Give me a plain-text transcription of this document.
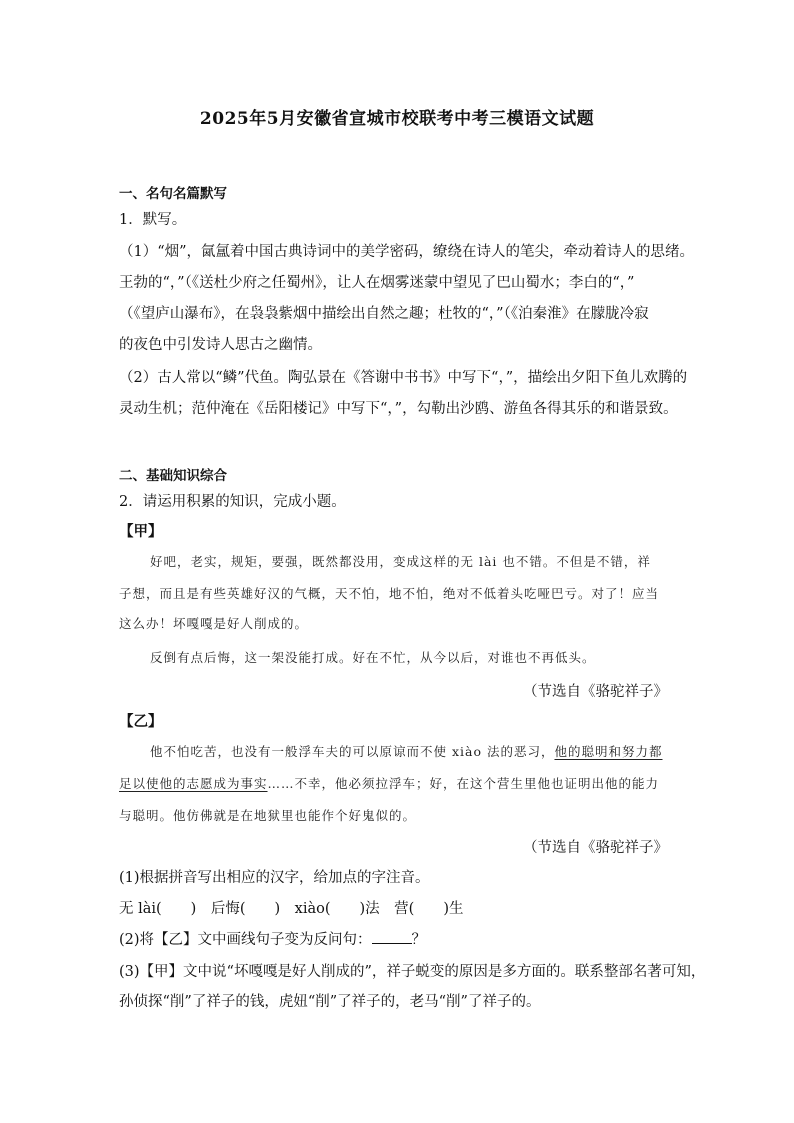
2025年5月安徽省宣城市校联考中考三模语文试题
一、名句名篇默写
1．默写。
（1）“烟”，氤氲着中国古典诗词中的美学密码，缭绕在诗人的笔尖，牵动着诗人的思绪。
王勃的“，”（《送杜少府之任蜀州》，让人在烟雾迷蒙中望见了巴山蜀水；李白的“，”
（《望庐山瀑布》，在袅袅紫烟中描绘出自然之趣；杜牧的“，”（《泊秦淮》在朦胧冷寂
的夜色中引发诗人思古之幽情。
（2）古人常以“鳞”代鱼。陶弘景在《答谢中书书》中写下“，”，描绘出夕阳下鱼儿欢腾的
灵动生机；范仲淹在《岳阳楼记》中写下“，”，勾勒出沙鸥、游鱼各得其乐的和谐景致。
二、基础知识综合
2．请运用积累的知识，完成小题。
【甲】
好吧，老实，规矩，要强，既然都没用，变成这样的无 lài 也不错。不但是不错，祥
子想，而且是有些英雄好汉的气概，天不怕，地不怕，绝对不低着头吃哑巴亏。对了！应当
这么办！坏嘎嘎是好人削成的。
反倒有点后悔，这一架没能打成。好在不忙，从今以后，对谁也不再低头。
（节选自《骆驼祥子》
【乙】
他不怕吃苦，也没有一般浮车夫的可以原谅而不使 xiào 法的恶习，他的聪明和努力都
足以使他的志愿成为事实……不幸，他必须拉浮车；好，在这个营生里他也证明出他的能力
与聪明。他仿佛就是在地狱里也能作个好鬼似的。
（节选自《骆驼祥子》
(1)根据拼音写出相应的汉字，给加点的字注音。
无 lài(　　)　后悔(　　)　xiào(　　)法　营(　　)生
(2)将【乙】文中画线句子变为反问句：	？
(3)【甲】文中说“坏嘎嘎是好人削成的”，祥子蜕变的原因是多方面的。联系整部名著可知，
孙侦探“削”了祥子的钱，虎妞“削”了祥子的，老马“削”了祥子的。
